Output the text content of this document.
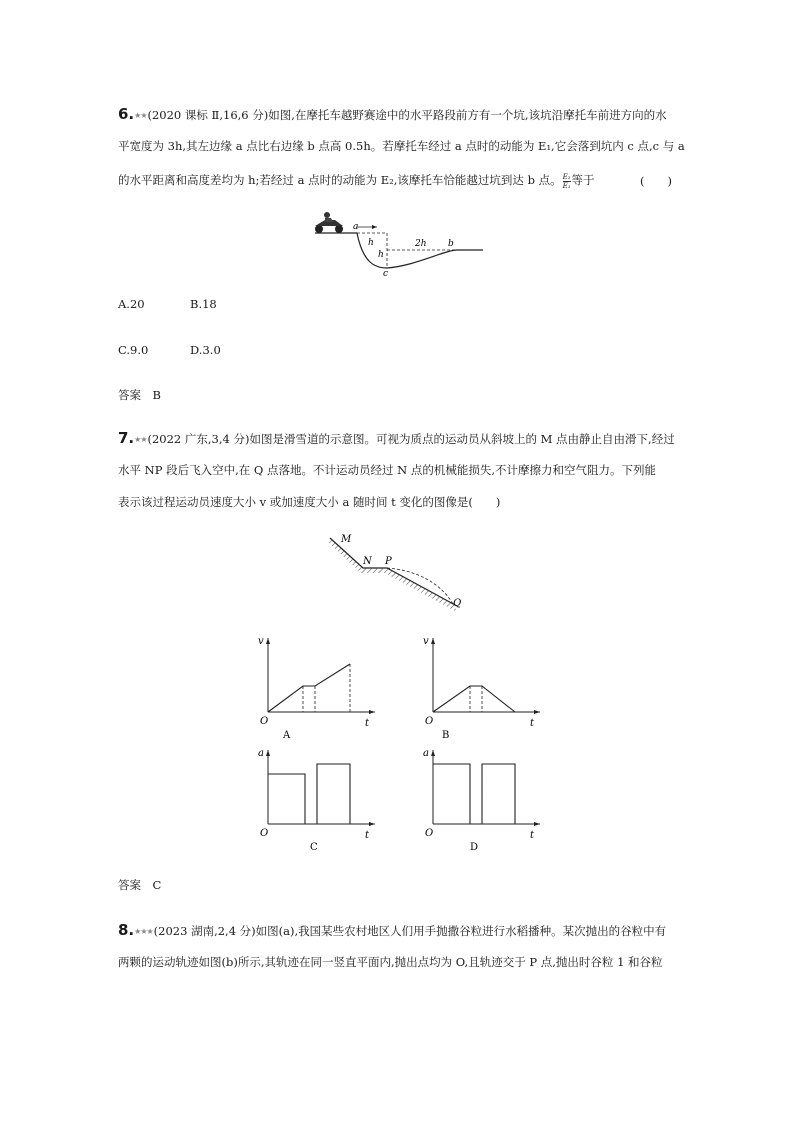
6.★★(2020 课标 Ⅱ,16,6 分)如图,在摩托车越野赛途中的水平路段前方有一个坑,该坑沿摩托车前进方向的水
平宽度为 3h,其左边缘 a 点比右边缘 b 点高 0.5h。若摩托车经过 a 点时的动能为 E₁,它会落到坑内 c 点,c 与 a
的水平距离和高度差均为 h;若经过 a 点时的动能为 E₂,该摩托车恰能越过坑到达 b 点。 $\frac{\text{E₂}}{\text{E₁}}$ 等于	(　　)
a
h
h
2h b
c
A.20	B.18
C.9.0	D.3.0
答案　B
7.★★(2022 广东,3,4 分)如图是滑雪道的示意图。可视为质点的运动员从斜坡上的 M 点由静止自由滑下,经过
水平 NP 段后飞入空中,在 Q 点落地。不计运动员经过 N 点的机械能损失,不计摩擦力和空气阻力。下列能
表示该过程运动员速度大小 v 或加速度大小 a 随时间 t 变化的图像是(　　)
M
N P
Q
v
O	t
A
v
O	t
B
a
O	t
C
a
O	t
D
答案　C
8.★★★(2023 湖南,2,4 分)如图(a),我国某些农村地区人们用手抛撒谷粒进行水稻播种。某次抛出的谷粒中有
两颗的运动轨迹如图(b)所示,其轨迹在同一竖直平面内,抛出点均为 O,且轨迹交于 P 点,抛出时谷粒 1 和谷粒
